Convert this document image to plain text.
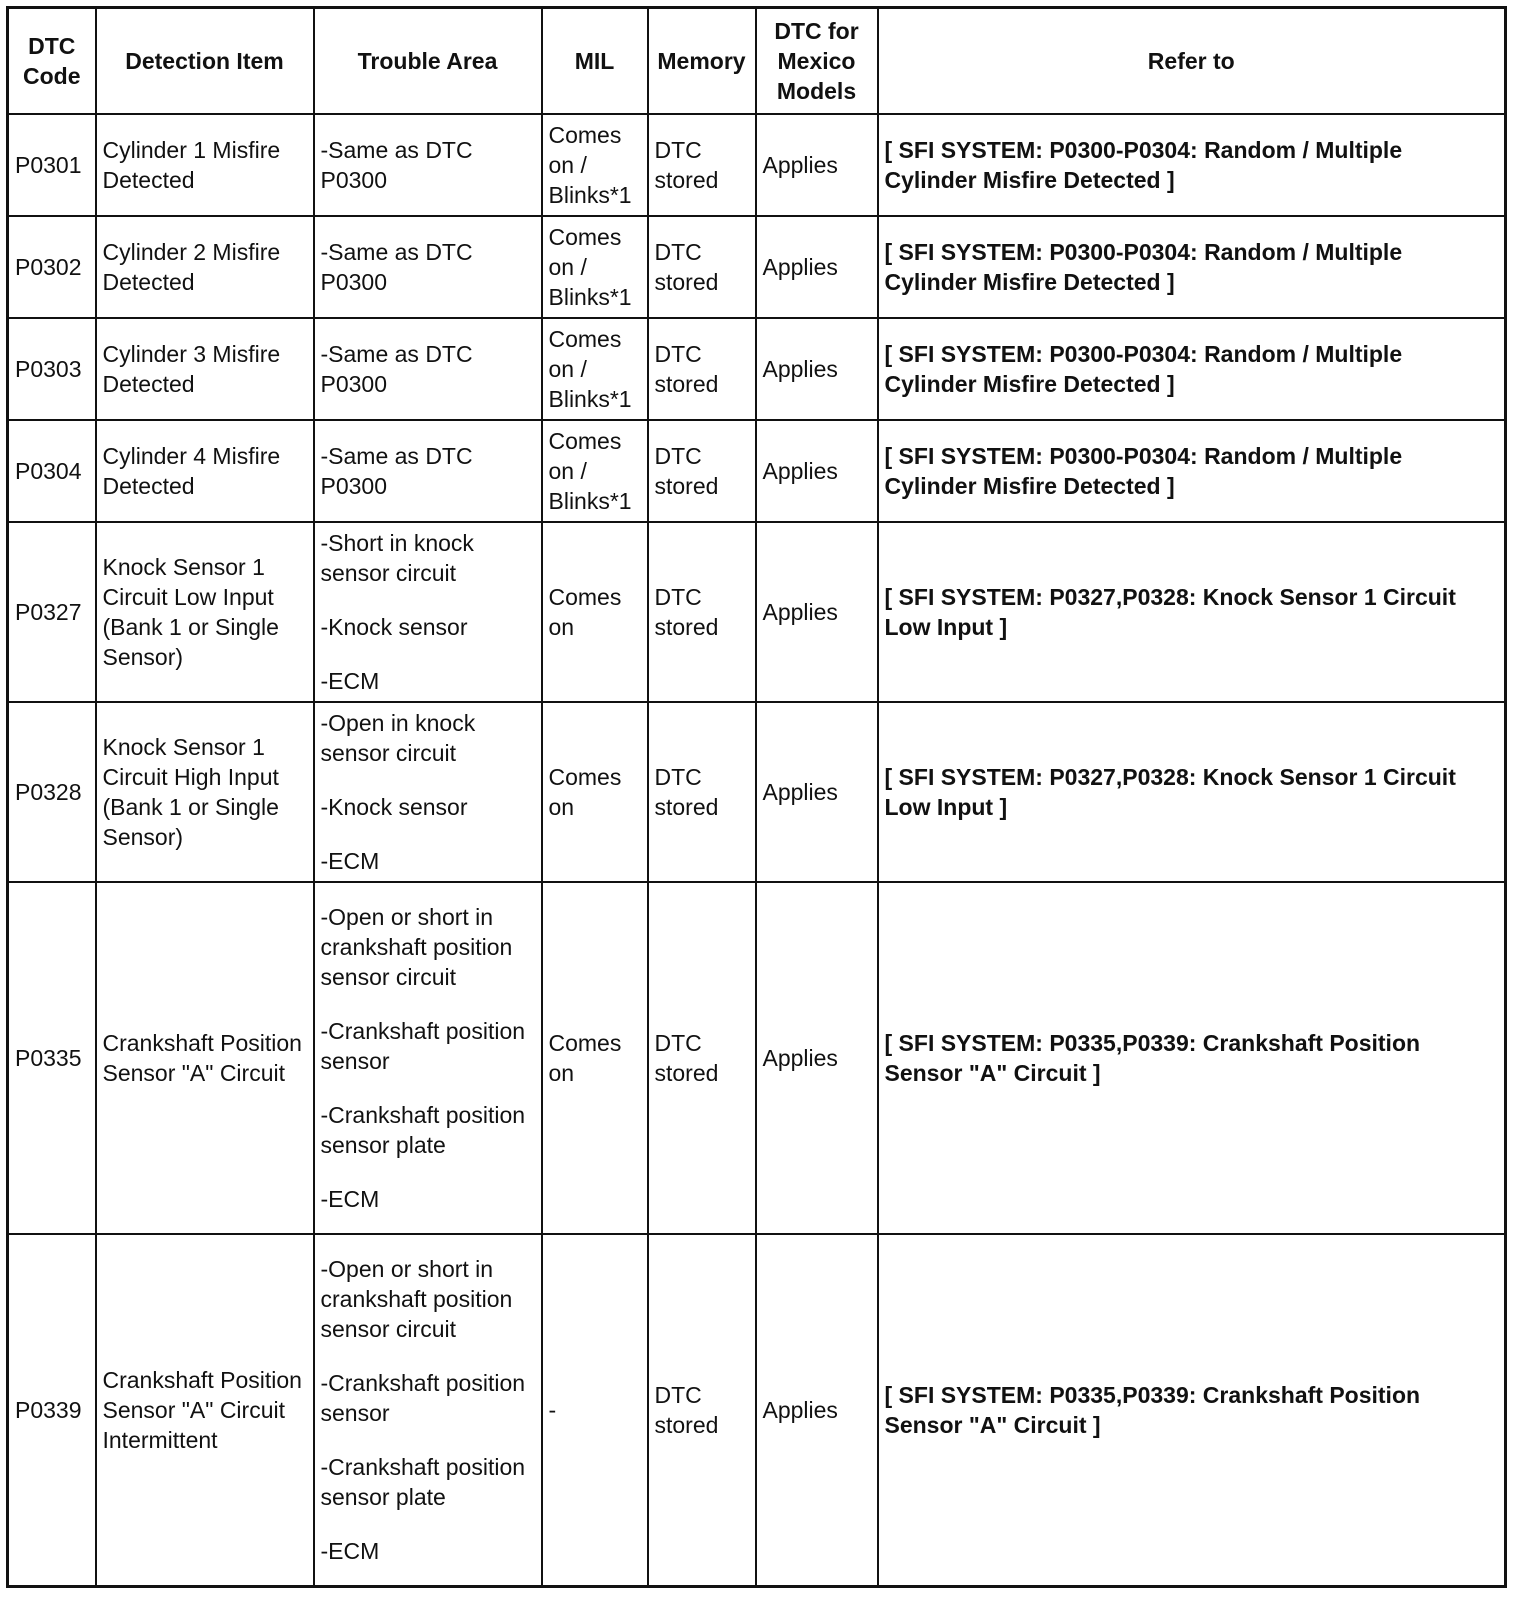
DTC Code	Detection Item	Trouble Area	MIL	Memory	DTC for Mexico Models	Refer to
P0301	Cylinder 1 Misfire Detected	-Same as DTC P0300	Comes on / Blinks*1	DTC stored	Applies	[ SFI SYSTEM: P0300-P0304: Random / Multiple Cylinder Misfire Detected ]
P0302	Cylinder 2 Misfire Detected	-Same as DTC P0300	Comes on / Blinks*1	DTC stored	Applies	[ SFI SYSTEM: P0300-P0304: Random / Multiple Cylinder Misfire Detected ]
P0303	Cylinder 3 Misfire Detected	-Same as DTC P0300	Comes on / Blinks*1	DTC stored	Applies	[ SFI SYSTEM: P0300-P0304: Random / Multiple Cylinder Misfire Detected ]
P0304	Cylinder 4 Misfire Detected	-Same as DTC P0300	Comes on / Blinks*1	DTC stored	Applies	[ SFI SYSTEM: P0300-P0304: Random / Multiple Cylinder Misfire Detected ]
P0327	Knock Sensor 1 Circuit Low Input (Bank 1 or Single Sensor)	-Short in knock sensor circuit
-Knock sensor
-ECM	Comes on	DTC stored	Applies	[ SFI SYSTEM: P0327,P0328: Knock Sensor 1 Circuit Low Input ]
P0328	Knock Sensor 1 Circuit High Input (Bank 1 or Single Sensor)	-Open in knock sensor circuit
-Knock sensor
-ECM	Comes on	DTC stored	Applies	[ SFI SYSTEM: P0327,P0328: Knock Sensor 1 Circuit Low Input ]
P0335	Crankshaft Position Sensor "A" Circuit	-Open or short in crankshaft position sensor circuit
-Crankshaft position sensor
-Crankshaft position sensor plate
-ECM	Comes on	DTC stored	Applies	[ SFI SYSTEM: P0335,P0339: Crankshaft Position Sensor "A" Circuit ]
P0339	Crankshaft Position Sensor "A" Circuit Intermittent	-Open or short in crankshaft position sensor circuit
-Crankshaft position sensor
-Crankshaft position sensor plate
-ECM	-	DTC stored	Applies	[ SFI SYSTEM: P0335,P0339: Crankshaft Position Sensor "A" Circuit ]
